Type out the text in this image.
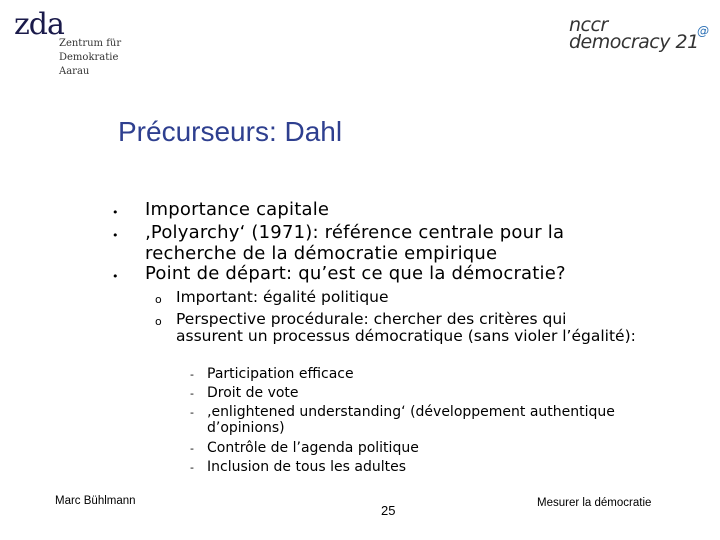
zda
Zentrum für
Demokratie
Aarau
nccr
democracy 21
@
Précurseurs: Dahl
• Importance capitale
• ‚Polyarchy‘ (1971): référence centrale pour la recherche de la démocratie empirique
• Point de départ: qu’est ce que la démocratie?
o Important: égalité politique
o Perspective procédurale: chercher des critères qui assurent un processus démocratique (sans violer l’égalité):
- Participation efficace
- Droit de vote
- ‚enlightened understanding‘ (développement authentique d’opinions)
- Contrôle de l’agenda politique
- Inclusion de tous les adultes
Marc Bühlmann
25	Mesurer la démocratie
